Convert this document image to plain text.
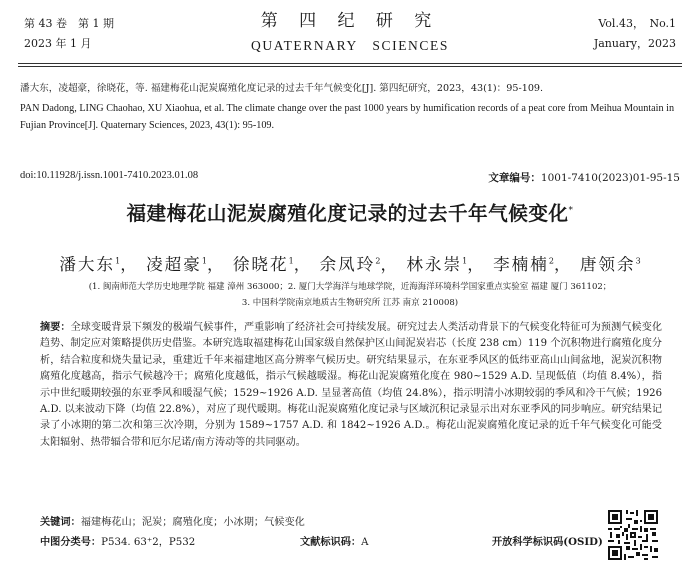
第 43 卷　第 1 期
2023 年 1 月
第 四 纪 研 究
QUATERNARY　SCIENCES
Vol.43，　No.1
January，2023
潘大东，凌超豪，徐晓花，等. 福建梅花山泥炭腐殖化度记录的过去千年气候变化[J]. 第四纪研究，2023，43(1)：95-109.
PAN Dadong, LING Chaohao, XU Xiaohua, et al. The climate change over the past 1000 years by humification records of a peat core from Meihua Mountain in Fujian Province[J]. Quaternary Sciences, 2023, 43(1): 95-109.
doi:10.11928/j.issn.1001-7410.2023.01.08	文章编号：1001-7410(2023)01-95-15
福建梅花山泥炭腐殖化度记录的过去千年气候变化*
潘大东$^1$， 凌超豪$^1$， 徐晓花$^1$， 余凤玲$^2$， 林永崇$^1$， 李楠楠$^2$， 唐领余$^3$
(1. 闽南师范大学历史地理学院 福建 漳州 363000；2. 厦门大学海洋与地球学院，近海海洋环境科学国家重点实验室 福建 厦门 361102；
3. 中国科学院南京地质古生物研究所 江苏 南京 210008)
摘要：全球变暖背景下频发的极端气候事件，严重影响了经济社会可持续发展。研究过去人类活动背景下的气候变化特征可为预测气候变化趋势、制定应对策略提供历史借鉴。本研究选取福建梅花山国家级自然保护区山间泥炭岩芯（长度 238 cm）119 个沉积物进行腐殖化度分析，结合粒度和烧失量记录，重建近千年来福建地区高分辨率气候历史。研究结果显示，在东亚季风区的低纬亚高山山间盆地，泥炭沉积物腐殖化度越高，指示气候越冷干；腐殖化度越低，指示气候越暖湿。梅花山泥炭腐殖化度在 980~1529 A.D. 呈现低值（均值 8.4%），指示中世纪暖期较强的东亚季风和暖湿气候；1529~1926 A.D. 呈显著高值（均值 24.8%），指示明清小冰期较弱的季风和冷干气候；1926 A.D. 以来波动下降（均值 22.8%），对应了现代暖期。梅花山泥炭腐殖化度记录与区域沉积记录显示出对东亚季风的同步响应。研究结果记录了小冰期的第二次和第三次冷期，分别为 1589~1757 A.D. 和 1842~1926 A.D.。梅花山泥炭腐殖化度记录的近千年气候变化可能受太阳辐射、热带辐合带和厄尔尼诺/南方涛动等的共同驱动。
关键词：福建梅花山；泥炭；腐殖化度；小冰期；气候变化
中图分类号：P534. 63⁺2，P532	文献标识码：A	开放科学标识码(OSID)
